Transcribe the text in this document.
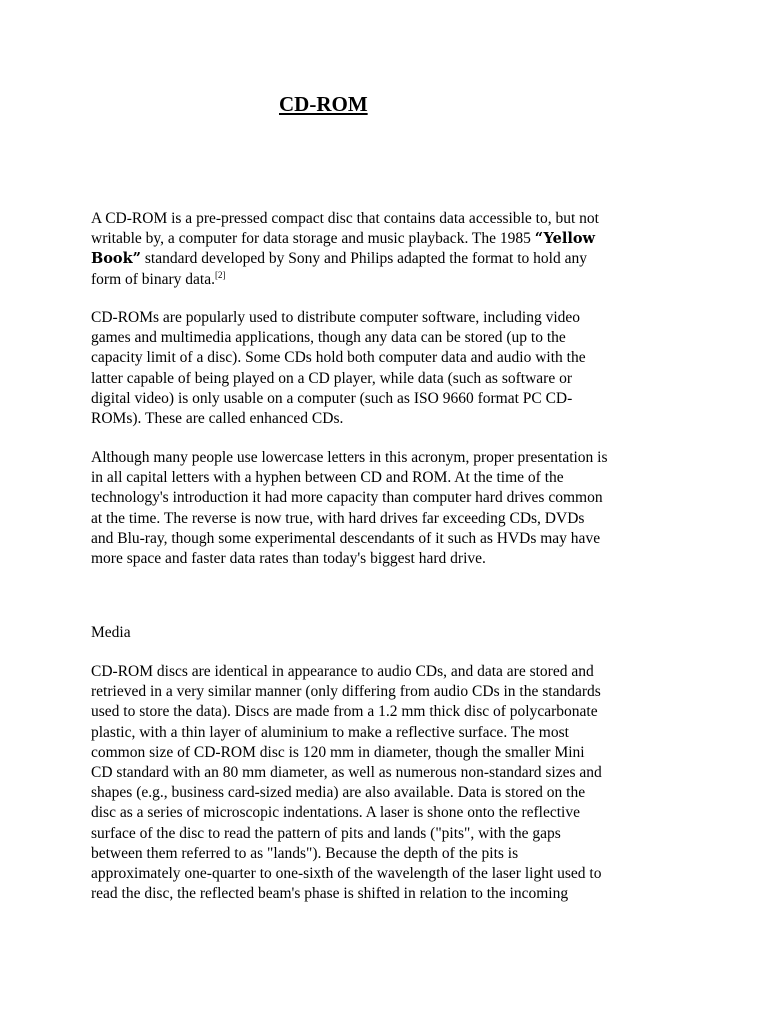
CD-ROM

A CD-ROM is a pre-pressed compact disc that contains data accessible to, but not
writable by, a computer for data storage and music playback. The 1985 “Yellow
Book” standard developed by Sony and Philips adapted the format to hold any
form of binary data.[2]

CD-ROMs are popularly used to distribute computer software, including video
games and multimedia applications, though any data can be stored (up to the
capacity limit of a disc). Some CDs hold both computer data and audio with the
latter capable of being played on a CD player, while data (such as software or
digital video) is only usable on a computer (such as ISO 9660 format PC CD-
ROMs). These are called enhanced CDs.

Although many people use lowercase letters in this acronym, proper presentation is
in all capital letters with a hyphen between CD and ROM. At the time of the
technology's introduction it had more capacity than computer hard drives common
at the time. The reverse is now true, with hard drives far exceeding CDs, DVDs
and Blu-ray, though some experimental descendants of it such as HVDs may have
more space and faster data rates than today's biggest hard drive.

Media

CD-ROM discs are identical in appearance to audio CDs, and data are stored and
retrieved in a very similar manner (only differing from audio CDs in the standards
used to store the data). Discs are made from a 1.2 mm thick disc of polycarbonate
plastic, with a thin layer of aluminium to make a reflective surface. The most
common size of CD-ROM disc is 120 mm in diameter, though the smaller Mini
CD standard with an 80 mm diameter, as well as numerous non-standard sizes and
shapes (e.g., business card-sized media) are also available. Data is stored on the
disc as a series of microscopic indentations. A laser is shone onto the reflective
surface of the disc to read the pattern of pits and lands ("pits", with the gaps
between them referred to as "lands"). Because the depth of the pits is
approximately one-quarter to one-sixth of the wavelength of the laser light used to
read the disc, the reflected beam's phase is shifted in relation to the incoming
